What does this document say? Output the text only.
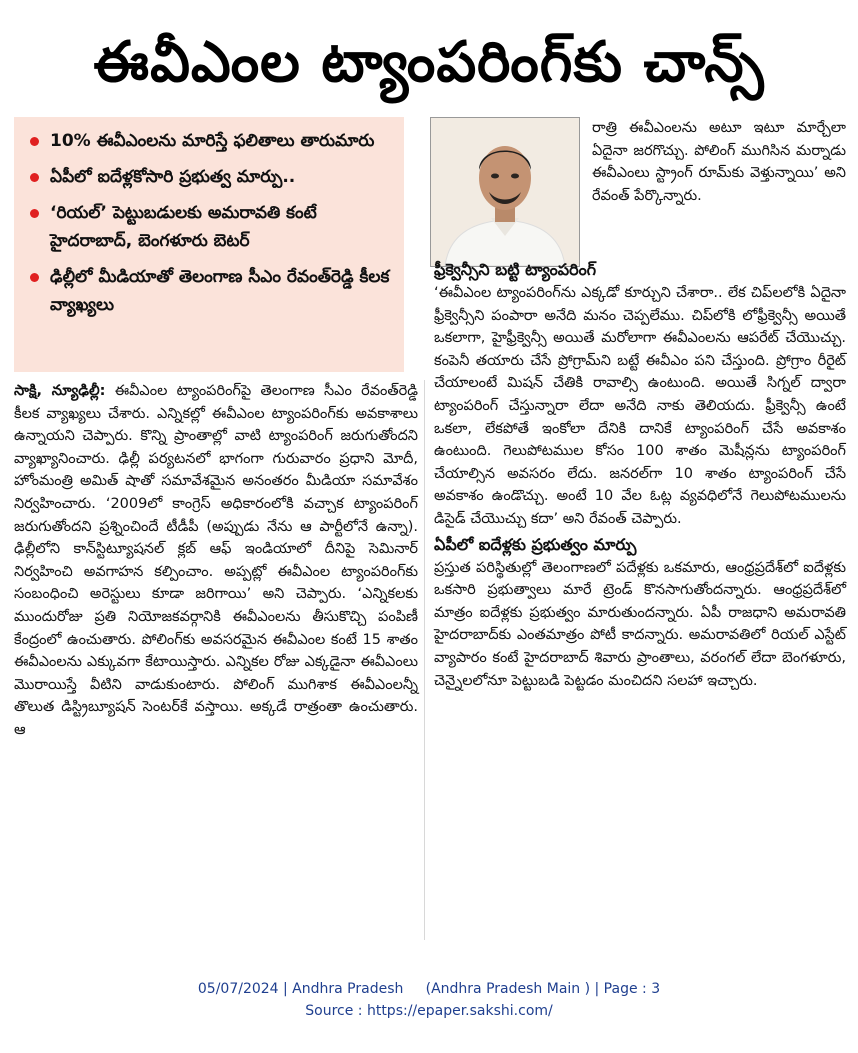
ఈవీఎంల ట్యాంపరింగ్‌కు చాన్స్
10% ఈవీఎంలను మారిస్తే ఫలితాలు తారుమారు
ఏపీలో ఐదేళ్లకోసారి ప్రభుత్వ మార్పు..
‘రియల్’ పెట్టుబడులకు అమరావతి కంటే హైదరాబాద్, బెంగళూరు బెటర్
ఢిల్లీలో మీడియాతో తెలంగాణ సీఎం రేవంత్‌రెడ్డి కీలక వ్యాఖ్యలు

రాత్రి ఈవీఎంలను అటూ ఇటూ మార్చేలా ఏదైనా జరగొచ్చు. పోలింగ్ ముగిసిన మర్నాడు ఈవీఎంలు స్ట్రాంగ్ రూమ్‌కు వెళ్తున్నాయి’ అని రేవంత్ పేర్కొన్నారు.

ఫ్రీక్వెన్సీని బట్టి ట్యాంపరింగ్

‘ఈవీఎంల ట్యాంపరింగ్‌ను ఎక్కడో కూర్చుని చేశారా.. లేక చిప్‌లలోకి ఏదైనా ఫ్రీక్వెన్సీని పంపారా అనేది మనం చెప్పలేము. చిప్‌లోకి లోఫ్రీక్వెన్సీ అయితే ఒకలాగా, హైఫ్రీక్వెన్సీ అయితే మరోలాగా ఈవీఎంలను ఆపరేట్ చేయొచ్చు. కంపెనీ తయారు చేసే ప్రోగ్రామ్‌ని బట్టే ఈవీఎం పని చేస్తుంది. ప్రోగ్రాం రీరైట్ చేయాలంటే మిషన్ చేతికి రావాల్సి ఉంటుంది. అయితే సిగ్నల్ ద్వారా ట్యాంపరింగ్ చేస్తున్నారా లేదా అనేది నాకు తెలియదు. ఫ్రీక్వెన్సీ ఉంటే ఒకలా, లేకపోతే ఇంకోలా దేనికి దానికే ట్యాంపరింగ్ చేసే అవకాశం ఉంటుంది. గెలుపోటముల కోసం 100 శాతం మెషీన్లను ట్యాంపరింగ్ చేయాల్సిన అవసరం లేదు. జనరల్‌గా 10 శాతం ట్యాంపరింగ్ చేసే అవకాశం ఉండొచ్చు. అంటే 10 వేల ఓట్ల వ్యవధిలోనే గెలుపోటములను డిసైడ్ చేయొచ్చు కదా’ అని రేవంత్ చెప్పారు.

ఏపీలో ఐదేళ్లకు ప్రభుత్వం మార్పు

ప్రస్తుత పరిస్థితుల్లో తెలంగాణలో పదేళ్లకు ఒకమారు, ఆంధ్రప్రదేశ్‌లో ఐదేళ్లకు ఒకసారి ప్రభుత్వాలు మారే ట్రెండ్ కొనసాగుతోందన్నారు. ఆంధ్రప్రదేశ్‌లో మాత్రం ఐదేళ్లకు ప్రభుత్వం మారుతుందన్నారు. ఏపీ రాజధాని అమరావతి హైదరాబాద్‌కు ఎంతమాత్రం పోటీ కాదన్నారు. అమరావతిలో రియల్ ఎస్టేట్ వ్యాపారం కంటే హైదరాబాద్ శివారు ప్రాంతాలు, వరంగల్ లేదా బెంగళూరు, చెన్నైలలోనూ పెట్టుబడి పెట్టడం మంచిదని సలహా ఇచ్చారు.

సాక్షి, న్యూఢిల్లీ: ఈవీఎంల ట్యాంపరింగ్‌పై తెలంగాణ సీఎం రేవంత్‌రెడ్డి కీలక వ్యాఖ్యలు చేశారు. ఎన్నికల్లో ఈవీఎంల ట్యాంపరింగ్‌కు అవకాశాలు ఉన్నాయని చెప్పారు. కొన్ని ప్రాంతాల్లో వాటి ట్యాంపరింగ్ జరుగుతోందని వ్యాఖ్యానించారు. ఢిల్లీ పర్యటనలో భాగంగా గురువారం ప్రధాని మోదీ, హోంమంత్రి అమిత్ షాతో సమావేశమైన అనంతరం మీడియా సమావేశం నిర్వహించారు. ‘2009లో కాంగ్రెస్ అధికారంలోకి వచ్చాక ట్యాంపరింగ్ జరుగుతోందని ప్రశ్నించిందే టీడీపీ (అప్పుడు నేను ఆ పార్టీలోనే ఉన్నా). ఢిల్లీలోని కాన్‌స్టిట్యూషనల్ క్లబ్ ఆఫ్ ఇండియాలో దీనిపై సెమినార్ నిర్వహించి అవగాహన కల్పించాం. అప్పట్లో ఈవీఎంల ట్యాంపరింగ్‌కు సంబంధించి అరెస్టులు కూడా జరిగాయి’ అని చెప్పారు. ‘ఎన్నికలకు ముందురోజు ప్రతి నియోజకవర్గానికి ఈవీఎంలను తీసుకొచ్చి పంపిణీ కేంద్రంలో ఉంచుతారు. పోలింగ్‌కు అవసరమైన ఈవీఎంల కంటే 15 శాతం ఈవీఎంలను ఎక్కువగా కేటాయిస్తారు. ఎన్నికల రోజు ఎక్కడైనా ఈవీఎంలు మొరాయిస్తే వీటిని వాడుకుంటారు. పోలింగ్ ముగిశాక ఈవీఎంలన్నీ తొలుత డిస్ట్రిబ్యూషన్ సెంటర్‌కే వస్తాయి. అక్కడే రాత్రంతా ఉంచుతారు. ఆ

05/07/2024 | Andhra Pradesh     (Andhra Pradesh Main ) | Page : 3
Source : https://epaper.sakshi.com/
